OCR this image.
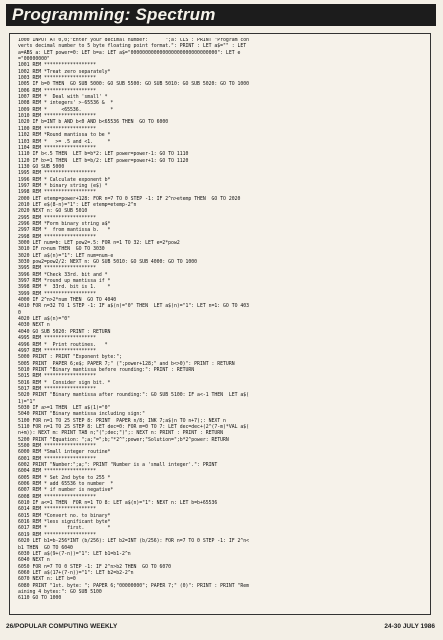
Programming: Spectrum
1000 INPUT AT 0,0;"Enter your decimal number:      ";a: CLS : PRINT "Program con
verts decimal number to 5 byte floating point format.": PRINT : LET a$="" : LET
a=ABS a: LET power=0: LET b=a: LET a$="000000000000000000000000000000": LET e
="00000000"
1001 REM ******************
1002 REM *Treat zero separately*
1003 REM ******************
1005 IF b=0 THEN  GO SUB 5000: GO SUB 5500: GO SUB 5010: GO SUB 5020: GO TO 1000
1006 REM ******************
1007 REM *  Deal with 'small' *
1008 REM * integers' >-65536 &  *
1009 REM *     <65536.          *
1010 REM ******************
1020 IF b=INT b AND b<0 AND b<65536 THEN  GO TO 6000
1100 REM ******************
1102 REM *Round mantissa to be *
1103 REM *   >= .5 and <1.     *
1104 REM ******************
1110 IF b<.5 THEN  LET b=b*2: LET power=power-1: GO TO 1110
1120 IF b>=1 THEN  LET b=b/2: LET power=power+1: GO TO 1120
1130 GO SUB 5000
1995 REM ******************
1996 REM * Calculate exponent b*
1997 REM * binary string (e$) *
1998 REM ******************
2000 LET etemp=power+128: FOR n=7 TO 0 STEP -1: IF 2^n>etemp THEN  GO TO 2020
2010 LET e$(8-n)="1": LET etemp=etemp-2^n
2020 NEXT n: GO SUB 5010
2995 REM ******************
2996 REM *Form binary string a$*
2997 REM *  from mantissa b.   *
2998 REM ******************
3000 LET num=b: LET pow2=.5: FOR n=1 TO 32: LET e=2*pow2
3010 IF n>num THEN  GO TO 3030
3020 LET a$(n)="1": LET num=num-e
3030 pow2=pow2/2: NEXT n: GO SUB 5010: GO SUB 4000: GO TO 1000
3995 REM ******************
3996 REM *Check 33rd. bit and *
3997 REM *round up mantissa if *
3998 REM *  33rd. bit is 1.    *
3999 REM ******************
4000 IF 2^n>2*num THEN  GO TO 4040
4010 FOR n=32 TO 1 STEP -1: IF a$(n)="0" THEN  LET a$(n)="1": LET n=1: GO TO 403
0
4020 LET a$(n)="0"
4030 NEXT n
4040 GO SUB 5020: PRINT : RETURN
4995 REM ******************
4996 REM *  Print routines.   *
4997 REM ******************
5000 PRINT : PRINT "Exponent byte:";
5005 PRINT  PAPER 6;e$; PAPER 7;" (";power+128;" and b<>0)": PRINT : RETURN
5010 PRINT "Binary mantissa before rounding:": PRINT : RETURN
5015 REM ******************
5016 REM *  Consider sign bit. *
5017 REM ******************
5020 PRINT "Binary mantissa after rounding:": GO SUB 5100: IF a<-1 THEN  LET a$(
1)="1"
5030 IF a>=1 THEN  LET a$(1)="0"
5040 PRINT "Binary mantissa including sign:"
5100 FOR n=1 TO 25 STEP 8: PRINT  PAPER n/8; INK 7;a$(n TO n+7);: NEXT n
5110 FOR n=1 TO 25 STEP 8: LET dec=0: FOR m=0 TO 7: LET dec=dec+(2^(7-m)*VAL a$(
n+m)): NEXT m: PRINT TAB n;"(";dec;")";: NEXT n: PRINT : PRINT : RETURN
5200 PRINT "Equation: ";a;"=";b;"*2^";power;"Solution=";b*2^power: RETURN
5500 REM ******************
6000 REM *Small integer routine*
6001 REM ******************
6002 PRINT "Number:";a;": PRINT "Number is a 'small integer'.": PRINT
6004 REM ******************
6005 REM * Set 2nd byte to 255 *
6006 REM * add 65536 to number  *
6007 REM * if number is negative*
6008 REM ******************
6010 IF a<=1 THEN  FOR n=1 TO 8: LET a$(n)="1": NEXT n: LET b=b+65536
6014 REM ******************
6015 REM *Convert no. to binary*
6016 REM *less significant byte*
6017 REM *       first.        *
6019 REM ******************
6020 LET b1=b-256*INT (b/256): LET b2=INT (b/256): FOR n=7 TO 0 STEP -1: IF 2^n<
b1 THEN  GO TO 6040
6030 LET a$(9+(7-n))="1": LET b1=b1-2^n
6040 NEXT n
6050 FOR n=7 TO 0 STEP -1: IF 2^n>b2 THEN  GO TO 6070
6060 LET a$(17+(7-n))="1": LET b2=b2-2^n
6070 NEXT n: LET b=0
6080 PRINT "1st. byte: "; PAPER 6;"00000000"; PAPER 7;" (0)": PRINT : PRINT "Rem
aining 4 bytes:": GO SUB 5100
6110 GO TO 1000
26/POPULAR COMPUTING WEEKLY	24-30 JULY 1986
